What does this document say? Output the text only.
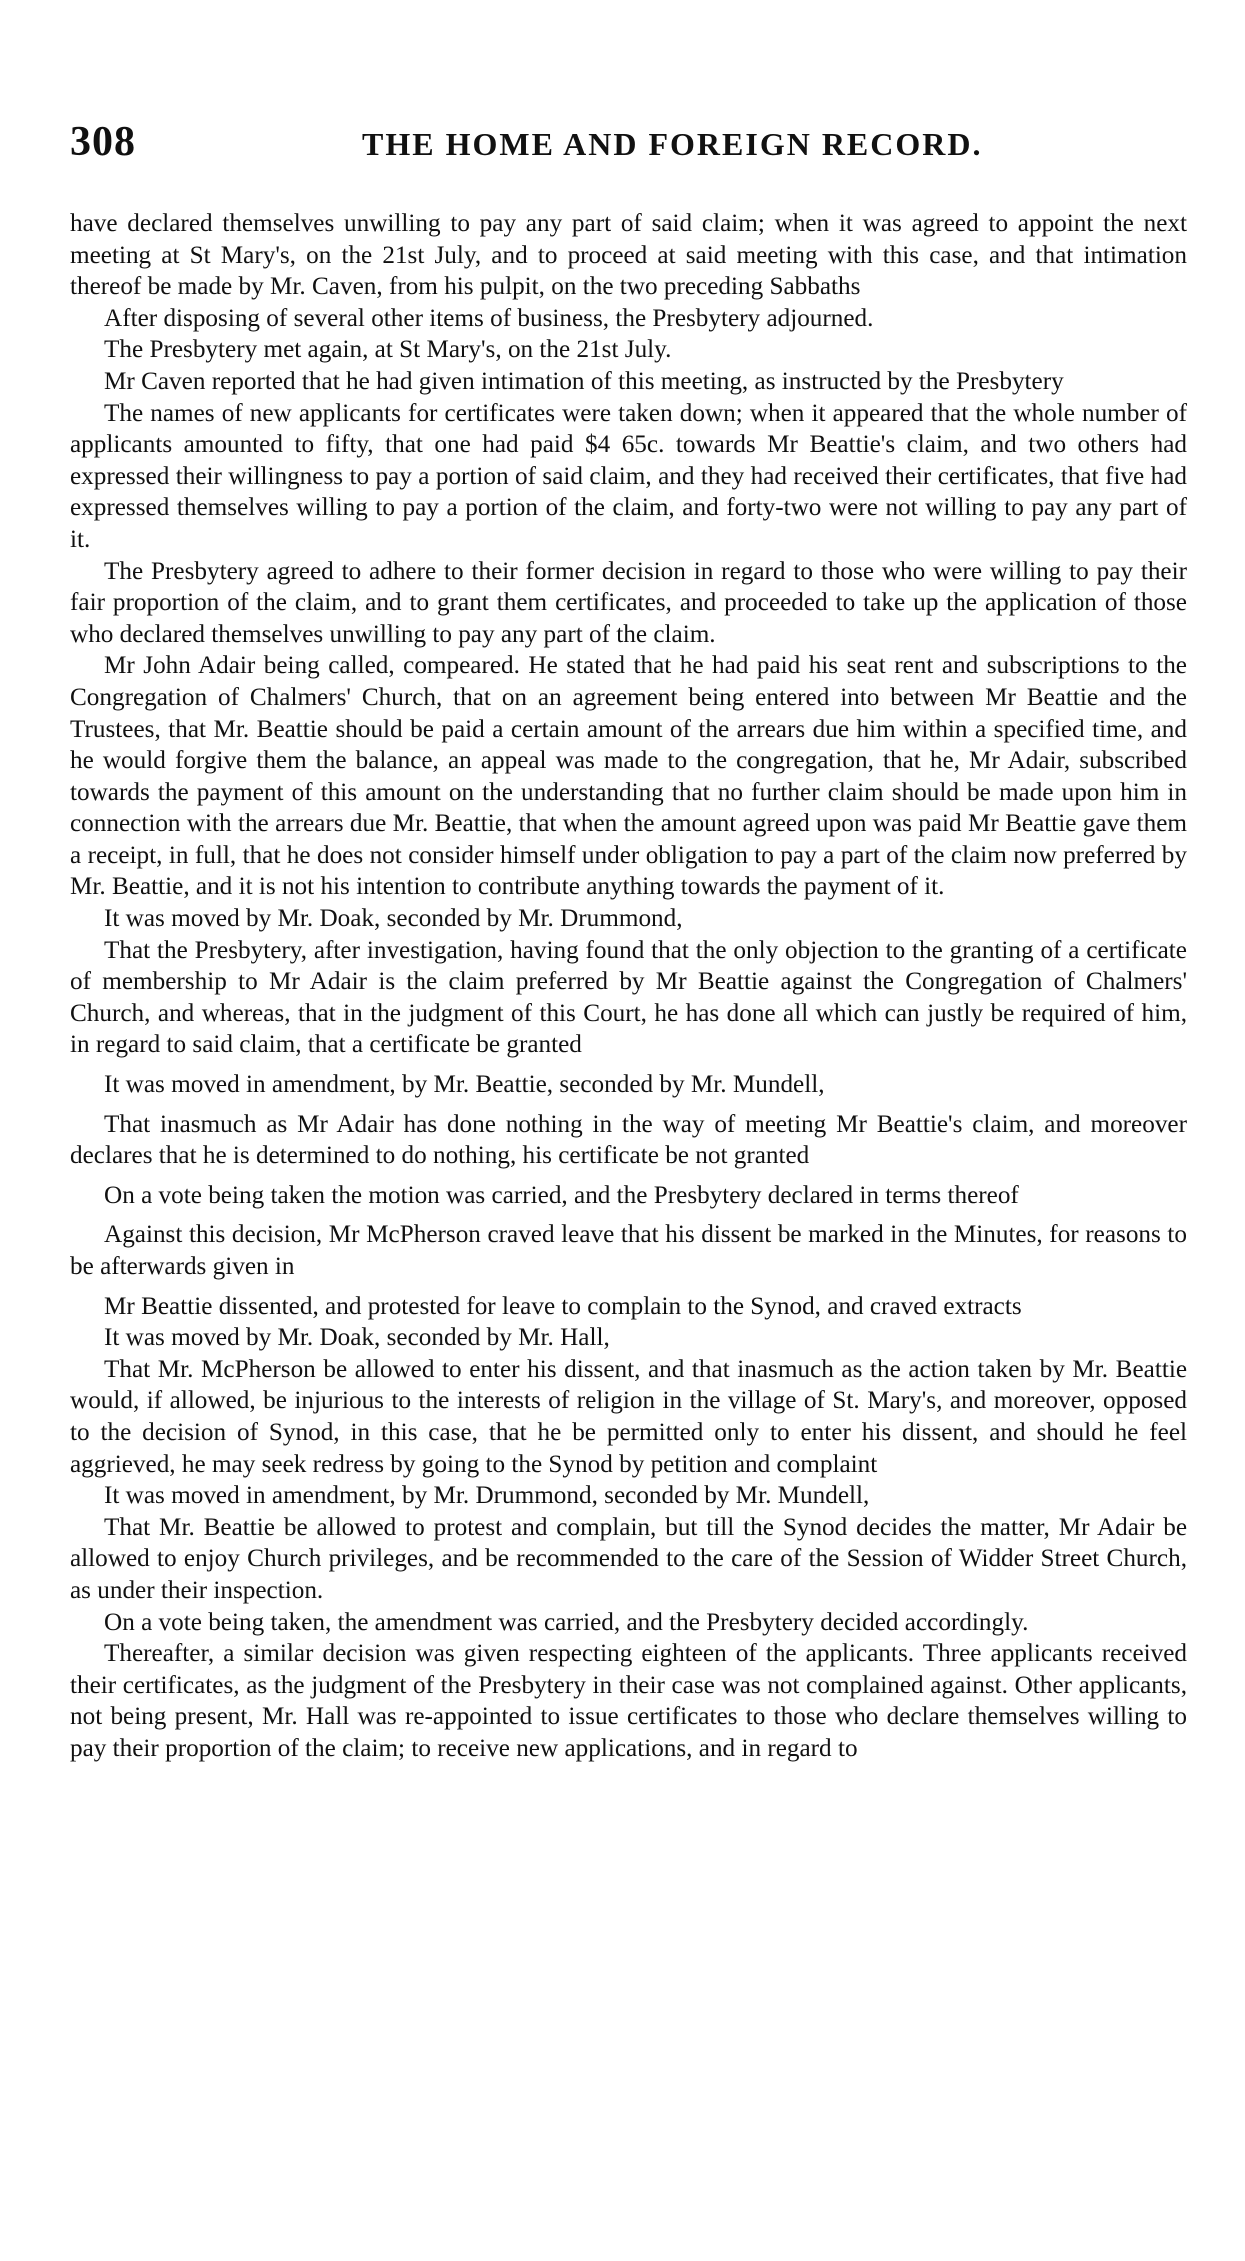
308	THE HOME AND FOREIGN RECORD.

have declared themselves unwilling to pay any part of said claim; when it was agreed to appoint the next meeting at St Mary's, on the 21st July, and to proceed at said meeting with this case, and that intimation thereof be made by Mr. Caven, from his pulpit, on the two preceding Sabbaths

After disposing of several other items of business, the Presbytery adjourned.

The Presbytery met again, at St Mary's, on the 21st July.

Mr Caven reported that he had given intimation of this meeting, as instructed by the Presbytery

The names of new applicants for certificates were taken down; when it appeared that the whole number of applicants amounted to fifty, that one had paid $4 65c. towards Mr Beattie's claim, and two others had expressed their willingness to pay a portion of said claim, and they had received their certificates, that five had expressed themselves willing to pay a portion of the claim, and forty-two were not willing to pay any part of it.

The Presbytery agreed to adhere to their former decision in regard to those who were willing to pay their fair proportion of the claim, and to grant them certificates, and proceeded to take up the application of those who declared themselves unwilling to pay any part of the claim.

Mr John Adair being called, compeared. He stated that he had paid his seat rent and subscriptions to the Congregation of Chalmers' Church, that on an agreement being entered into between Mr Beattie and the Trustees, that Mr. Beattie should be paid a certain amount of the arrears due him within a specified time, and he would forgive them the balance, an appeal was made to the congregation, that he, Mr Adair, subscribed towards the payment of this amount on the understanding that no further claim should be made upon him in connection with the arrears due Mr. Beattie, that when the amount agreed upon was paid Mr Beattie gave them a receipt, in full, that he does not consider himself under obligation to pay a part of the claim now preferred by Mr. Beattie, and it is not his intention to contribute anything towards the payment of it.

It was moved by Mr. Doak, seconded by Mr. Drummond,

That the Presbytery, after investigation, having found that the only objection to the granting of a certificate of membership to Mr Adair is the claim preferred by Mr Beattie against the Congregation of Chalmers' Church, and whereas, that in the judgment of this Court, he has done all which can justly be required of him, in regard to said claim, that a certificate be granted

It was moved in amendment, by Mr. Beattie, seconded by Mr. Mundell,

That inasmuch as Mr Adair has done nothing in the way of meeting Mr Beattie's claim, and moreover declares that he is determined to do nothing, his certificate be not granted

On a vote being taken the motion was carried, and the Presbytery declared in terms thereof

Against this decision, Mr McPherson craved leave that his dissent be marked in the Minutes, for reasons to be afterwards given in

Mr Beattie dissented, and protested for leave to complain to the Synod, and craved extracts

It was moved by Mr. Doak, seconded by Mr. Hall,

That Mr. McPherson be allowed to enter his dissent, and that inasmuch as the action taken by Mr. Beattie would, if allowed, be injurious to the interests of religion in the village of St. Mary's, and moreover, opposed to the decision of Synod, in this case, that he be permitted only to enter his dissent, and should he feel aggrieved, he may seek redress by going to the Synod by petition and complaint

It was moved in amendment, by Mr. Drummond, seconded by Mr. Mundell,

That Mr. Beattie be allowed to protest and complain, but till the Synod decides the matter, Mr Adair be allowed to enjoy Church privileges, and be recommended to the care of the Session of Widder Street Church, as under their inspection.

On a vote being taken, the amendment was carried, and the Presbytery decided accordingly.

Thereafter, a similar decision was given respecting eighteen of the applicants. Three applicants received their certificates, as the judgment of the Presbytery in their case was not complained against. Other applicants, not being present, Mr. Hall was re-appointed to issue certificates to those who declare themselves willing to pay their proportion of the claim; to receive new applications, and in regard to
